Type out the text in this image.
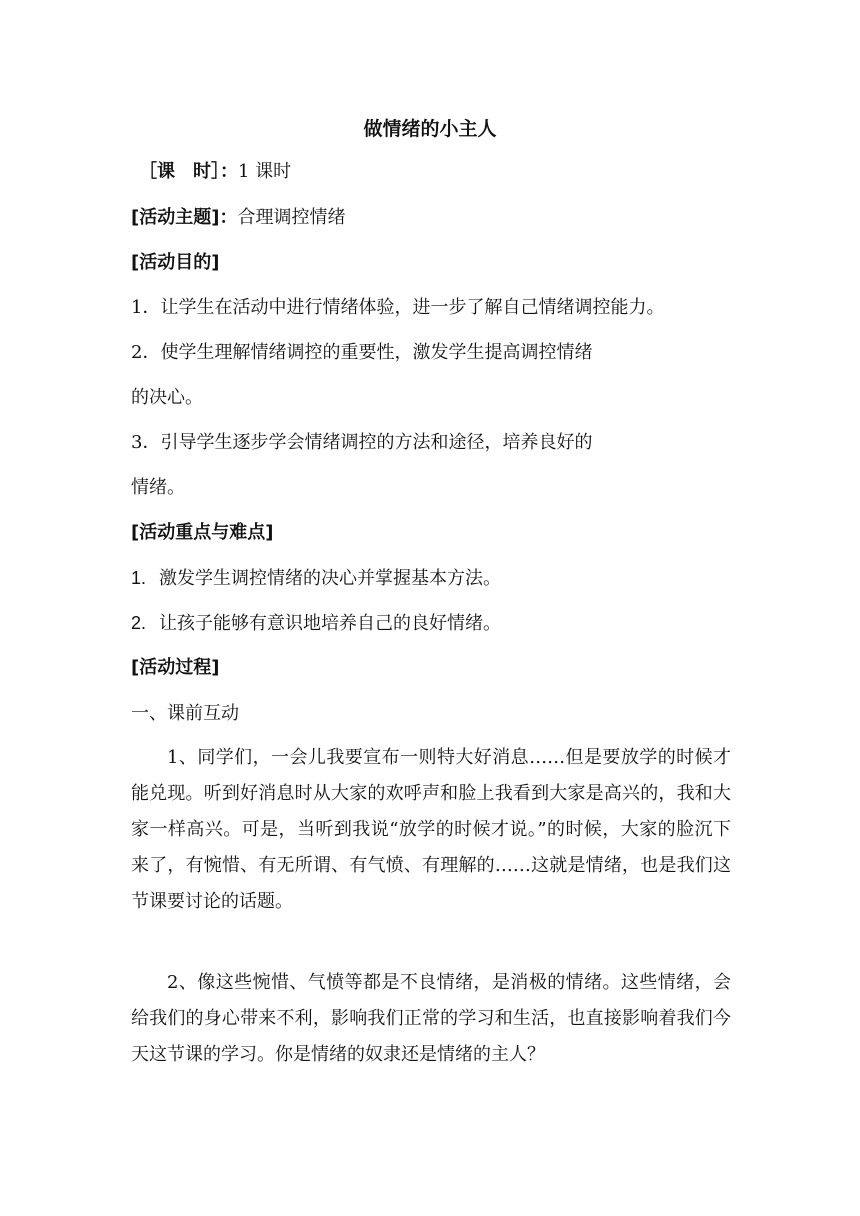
做情绪的小主人
［课　时］：1 课时
[活动主题]：合理调控情绪
[活动目的]
1．让学生在活动中进行情绪体验，进一步了解自己情绪调控能力。
2．使学生理解情绪调控的重要性，激发学生提高调控情绪
的决心。
3．引导学生逐步学会情绪调控的方法和途径，培养良好的
情绪。
[活动重点与难点]
1. 激发学生调控情绪的决心并掌握基本方法。
2. 让孩子能够有意识地培养自己的良好情绪。
[活动过程]
一、课前互动
1、同学们，一会儿我要宣布一则特大好消息……但是要放学的时候才能兑现。听到好消息时从大家的欢呼声和脸上我看到大家是高兴的，我和大家一样高兴。可是，当听到我说“放学的时候才说。”的时候，大家的脸沉下来了，有惋惜、有无所谓、有气愤、有理解的……这就是情绪，也是我们这节课要讨论的话题。
2、像这些惋惜、气愤等都是不良情绪，是消极的情绪。这些情绪，会给我们的身心带来不利，影响我们正常的学习和生活，也直接影响着我们今天这节课的学习。你是情绪的奴隶还是情绪的主人？
